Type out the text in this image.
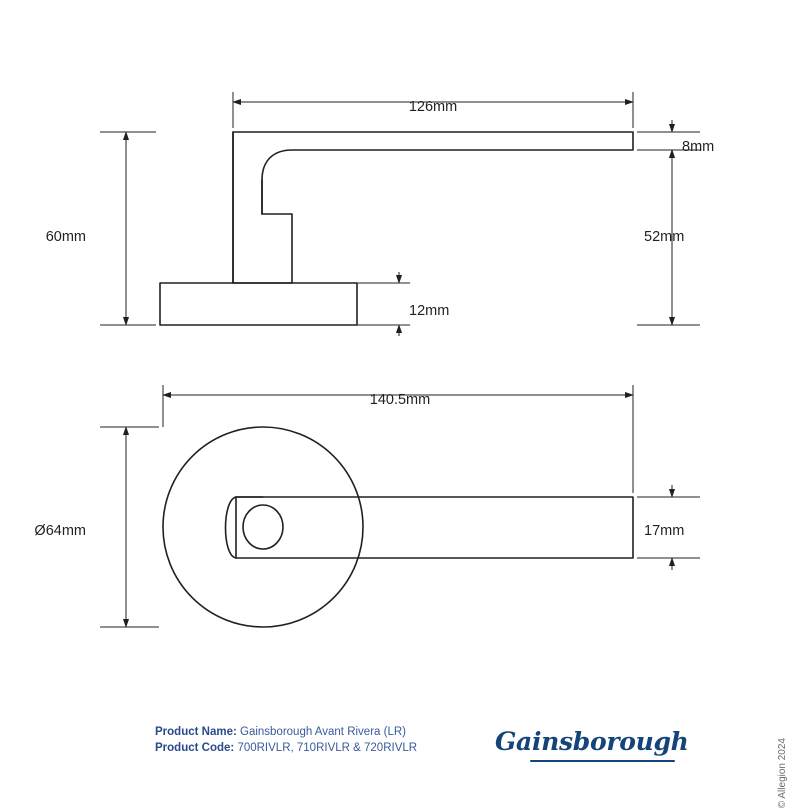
126mm
8mm
52mm
60mm
12mm
140.5mm
Ø64mm	17mm
Product Name: Gainsborough Avant Rivera (LR)
Product Code: 700RIVLR, 710RIVLR & 720RIVLR	Gainsborough	© Allegion 2024
